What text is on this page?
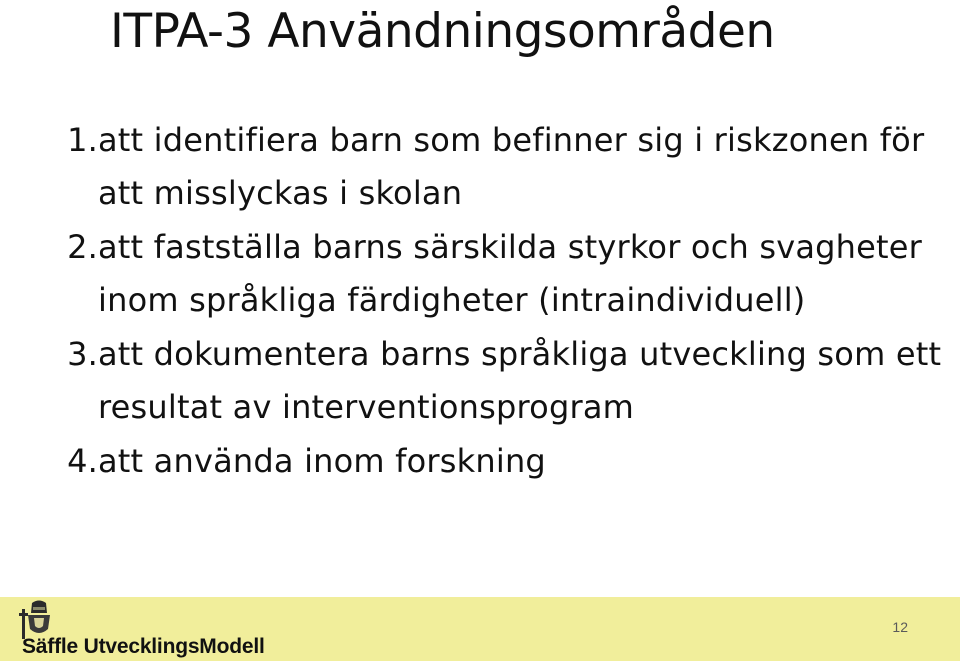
ITPA-3 Användningsområden
1. att identifiera barn som befinner sig i riskzonen för att misslyckas i skolan
2. att fastställa barns särskilda styrkor och svagheter inom språkliga färdigheter (intraindividuell)
3. att dokumentera barns språkliga utveckling som ett resultat av interventionsprogram
4. att använda inom forskning
Säffle UtvecklingsModell
12
